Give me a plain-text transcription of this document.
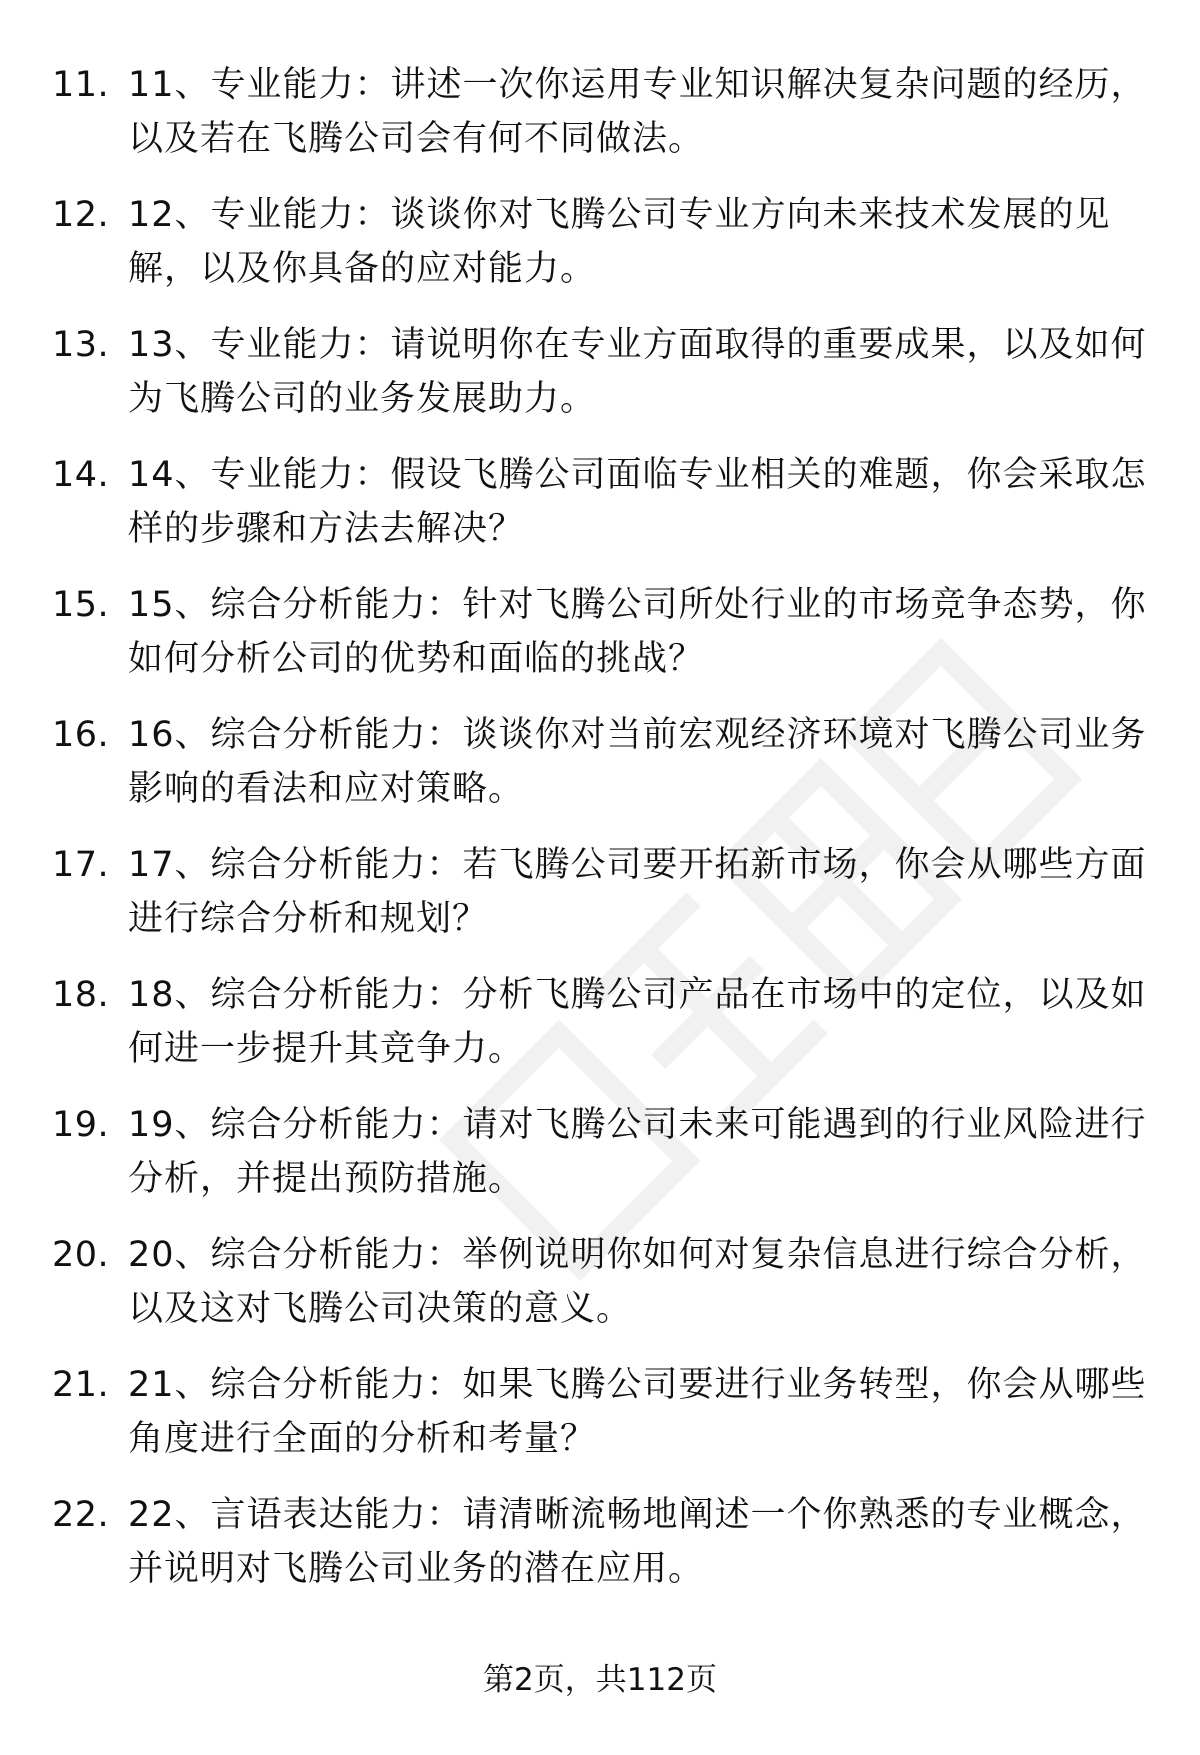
11. 11、专业能力：讲述一次你运用专业知识解决复杂问题的经历，以及若在飞腾公司会有何不同做法。
12. 12、专业能力：谈谈你对飞腾公司专业方向未来技术发展的见解，以及你具备的应对能力。
13. 13、专业能力：请说明你在专业方面取得的重要成果，以及如何为飞腾公司的业务发展助力。
14. 14、专业能力：假设飞腾公司面临专业相关的难题，你会采取怎样的步骤和方法去解决？
15. 15、综合分析能力：针对飞腾公司所处行业的市场竞争态势，你如何分析公司的优势和面临的挑战？
16. 16、综合分析能力：谈谈你对当前宏观经济环境对飞腾公司业务影响的看法和应对策略。
17. 17、综合分析能力：若飞腾公司要开拓新市场，你会从哪些方面进行综合分析和规划？
18. 18、综合分析能力：分析飞腾公司产品在市场中的定位，以及如何进一步提升其竞争力。
19. 19、综合分析能力：请对飞腾公司未来可能遇到的行业风险进行分析，并提出预防措施。
20. 20、综合分析能力：举例说明你如何对复杂信息进行综合分析，以及这对飞腾公司决策的意义。
21. 21、综合分析能力：如果飞腾公司要进行业务转型，你会从哪些角度进行全面的分析和考量？
22. 22、言语表达能力：请清晰流畅地阐述一个你熟悉的专业概念，并说明对飞腾公司业务的潜在应用。
第2页，共112页
